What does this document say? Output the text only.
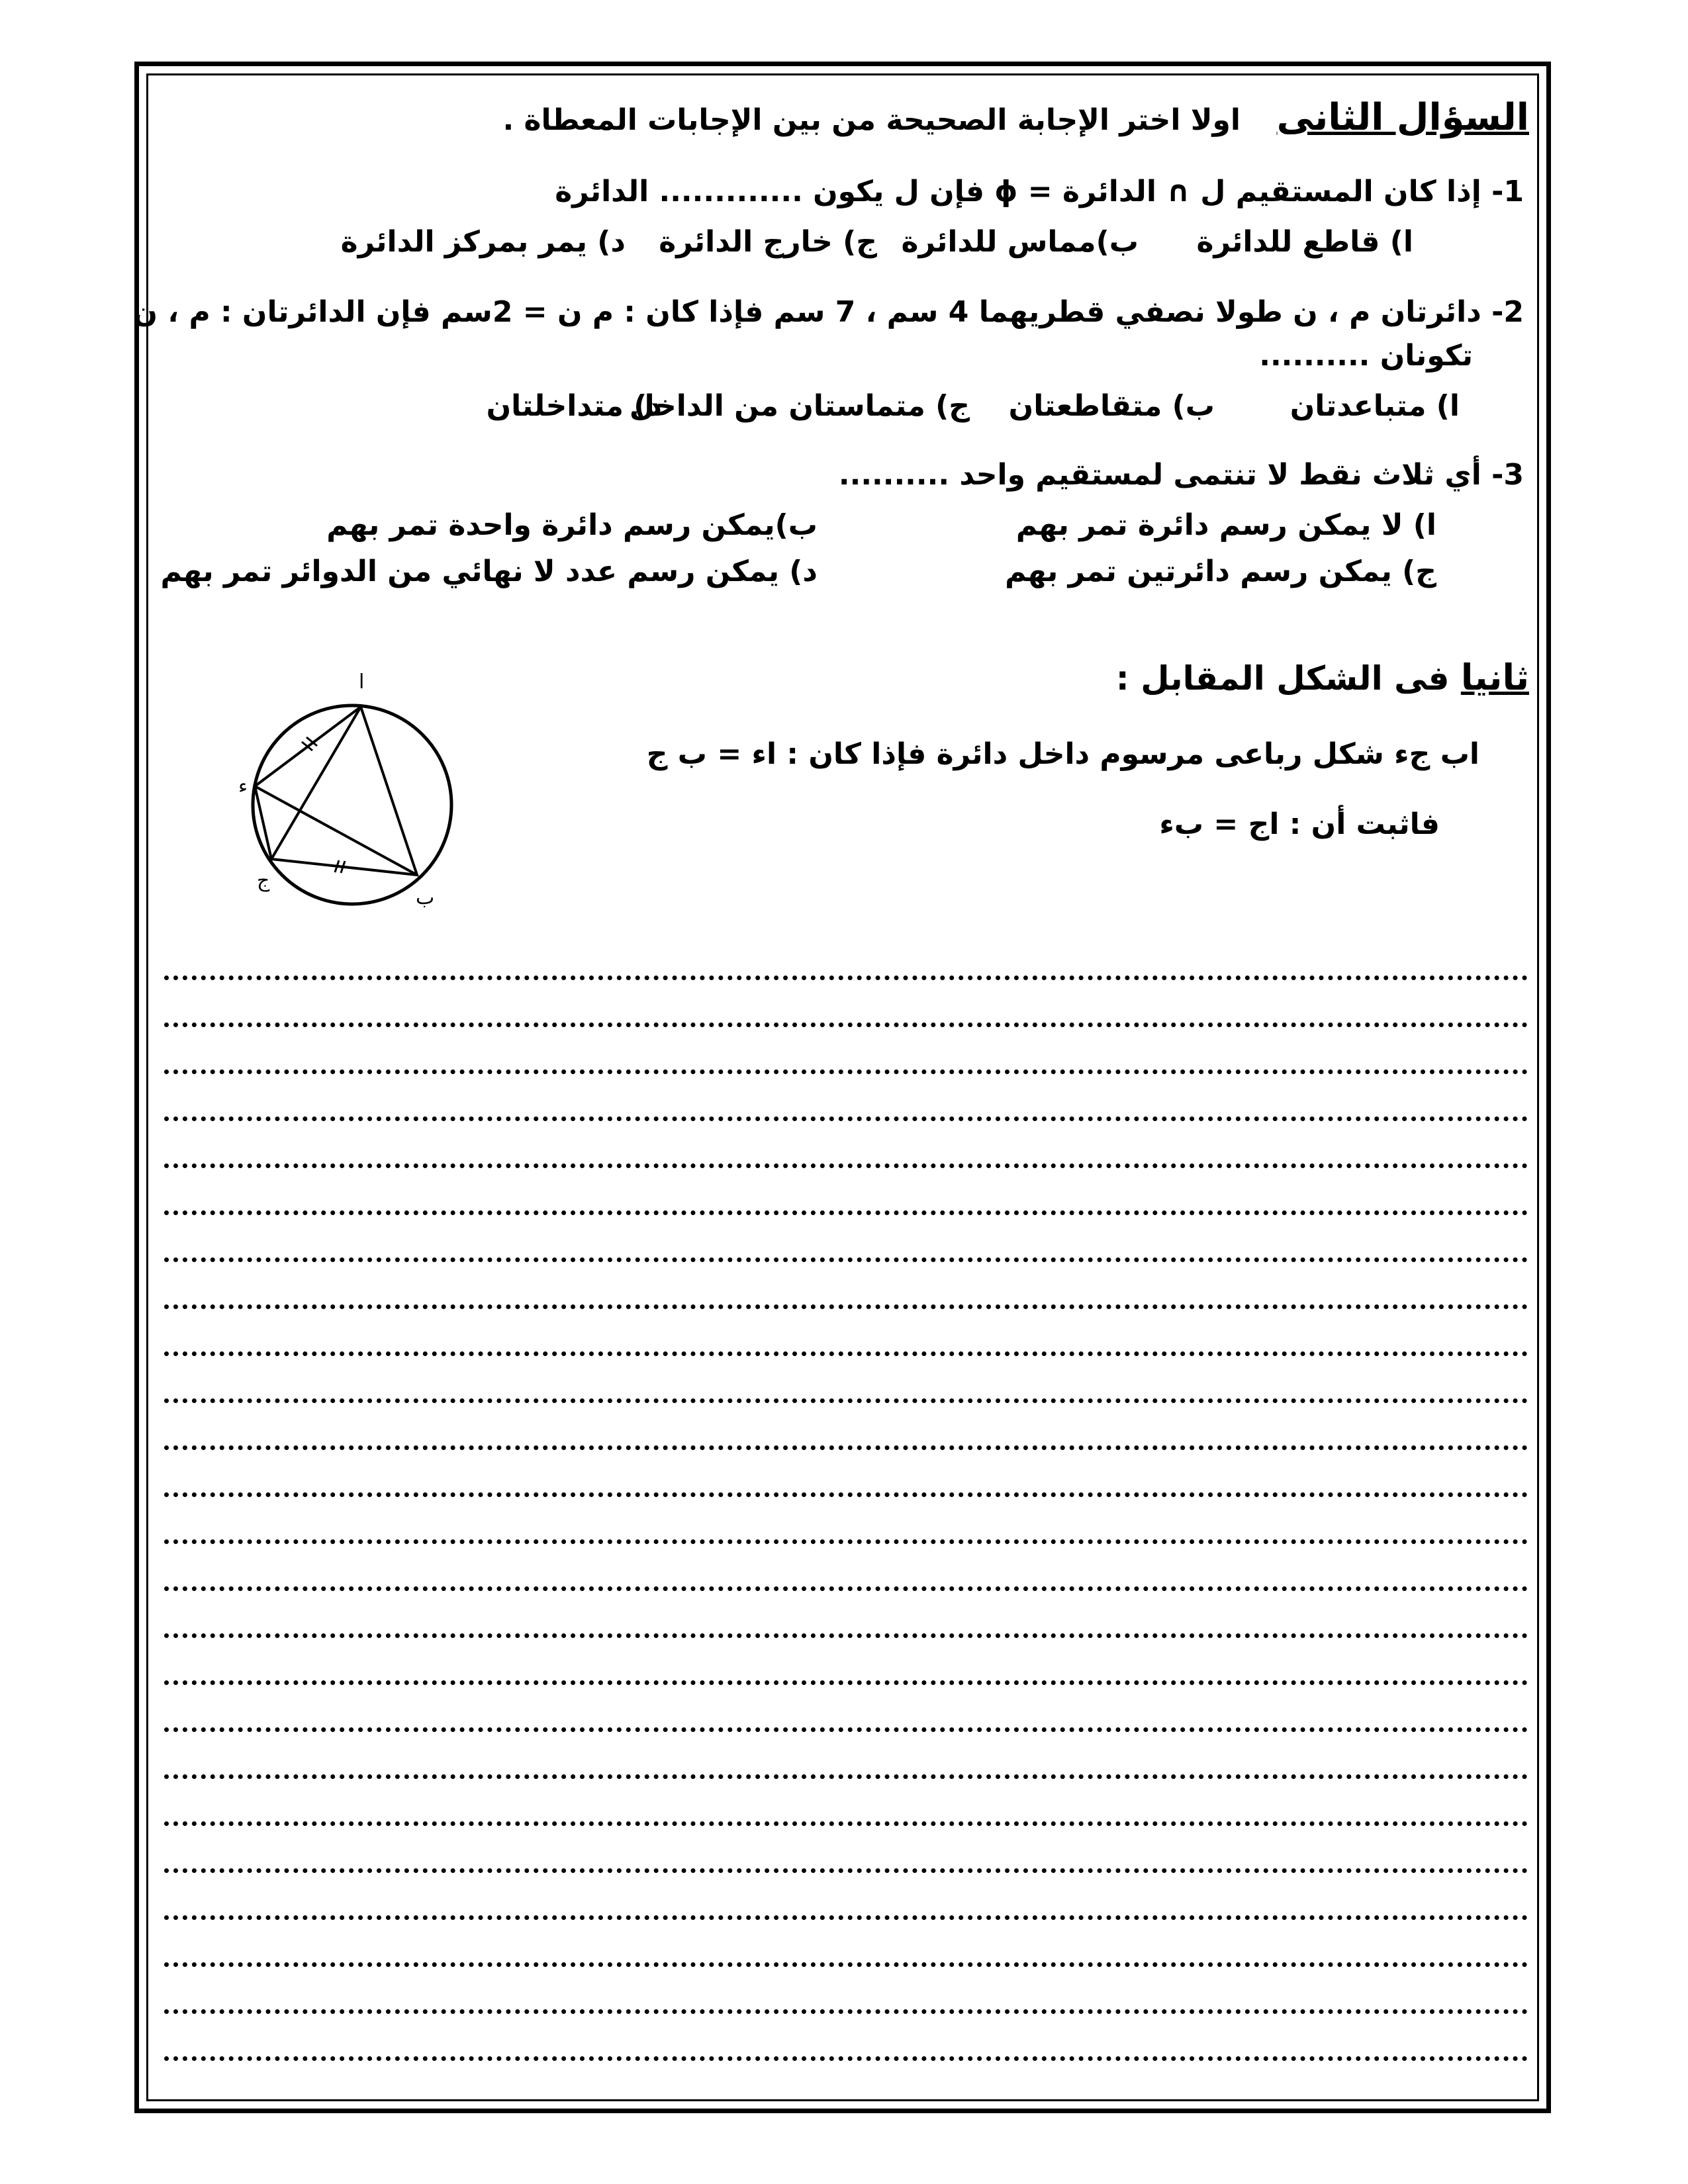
السؤال الثانى  اولا اختر الإجابة الصحيحة من بين الإجابات المعطاة .
1- إذا كان المستقيم ل ∩ الدائرة = ϕ فإن ل يكون ............. الدائرة
ا) قاطع للدائرة
ب)مماس للدائرة
ج) خارج الدائرة
د) يمر بمركز الدائرة
2- دائرتان م ، ن طولا نصفي قطريهما 4 سم ، 7 سم فإذا كان : م ن = 2سم فإن الدائرتان : م ، ن
تكونان ..........
ا) متباعدتان
ب) متقاطعتان
ج) متماستان من الداخل
د) متداخلتان
3- أي ثلاث نقط لا تنتمى لمستقيم واحد ..........
ا) لا يمكن رسم دائرة تمر بهم
ب)يمكن رسم دائرة واحدة تمر بهم
ج) يمكن رسم دائرتين تمر بهم
د) يمكن رسم عدد لا نهائي من الدوائر تمر بهم
ثانيا فى الشكل المقابل :
اب جء شكل رباعى مرسوم داخل دائرة فإذا كان : اء = ب ج
فاثبت أن : اج = بء
ا
ب
ج
ء
